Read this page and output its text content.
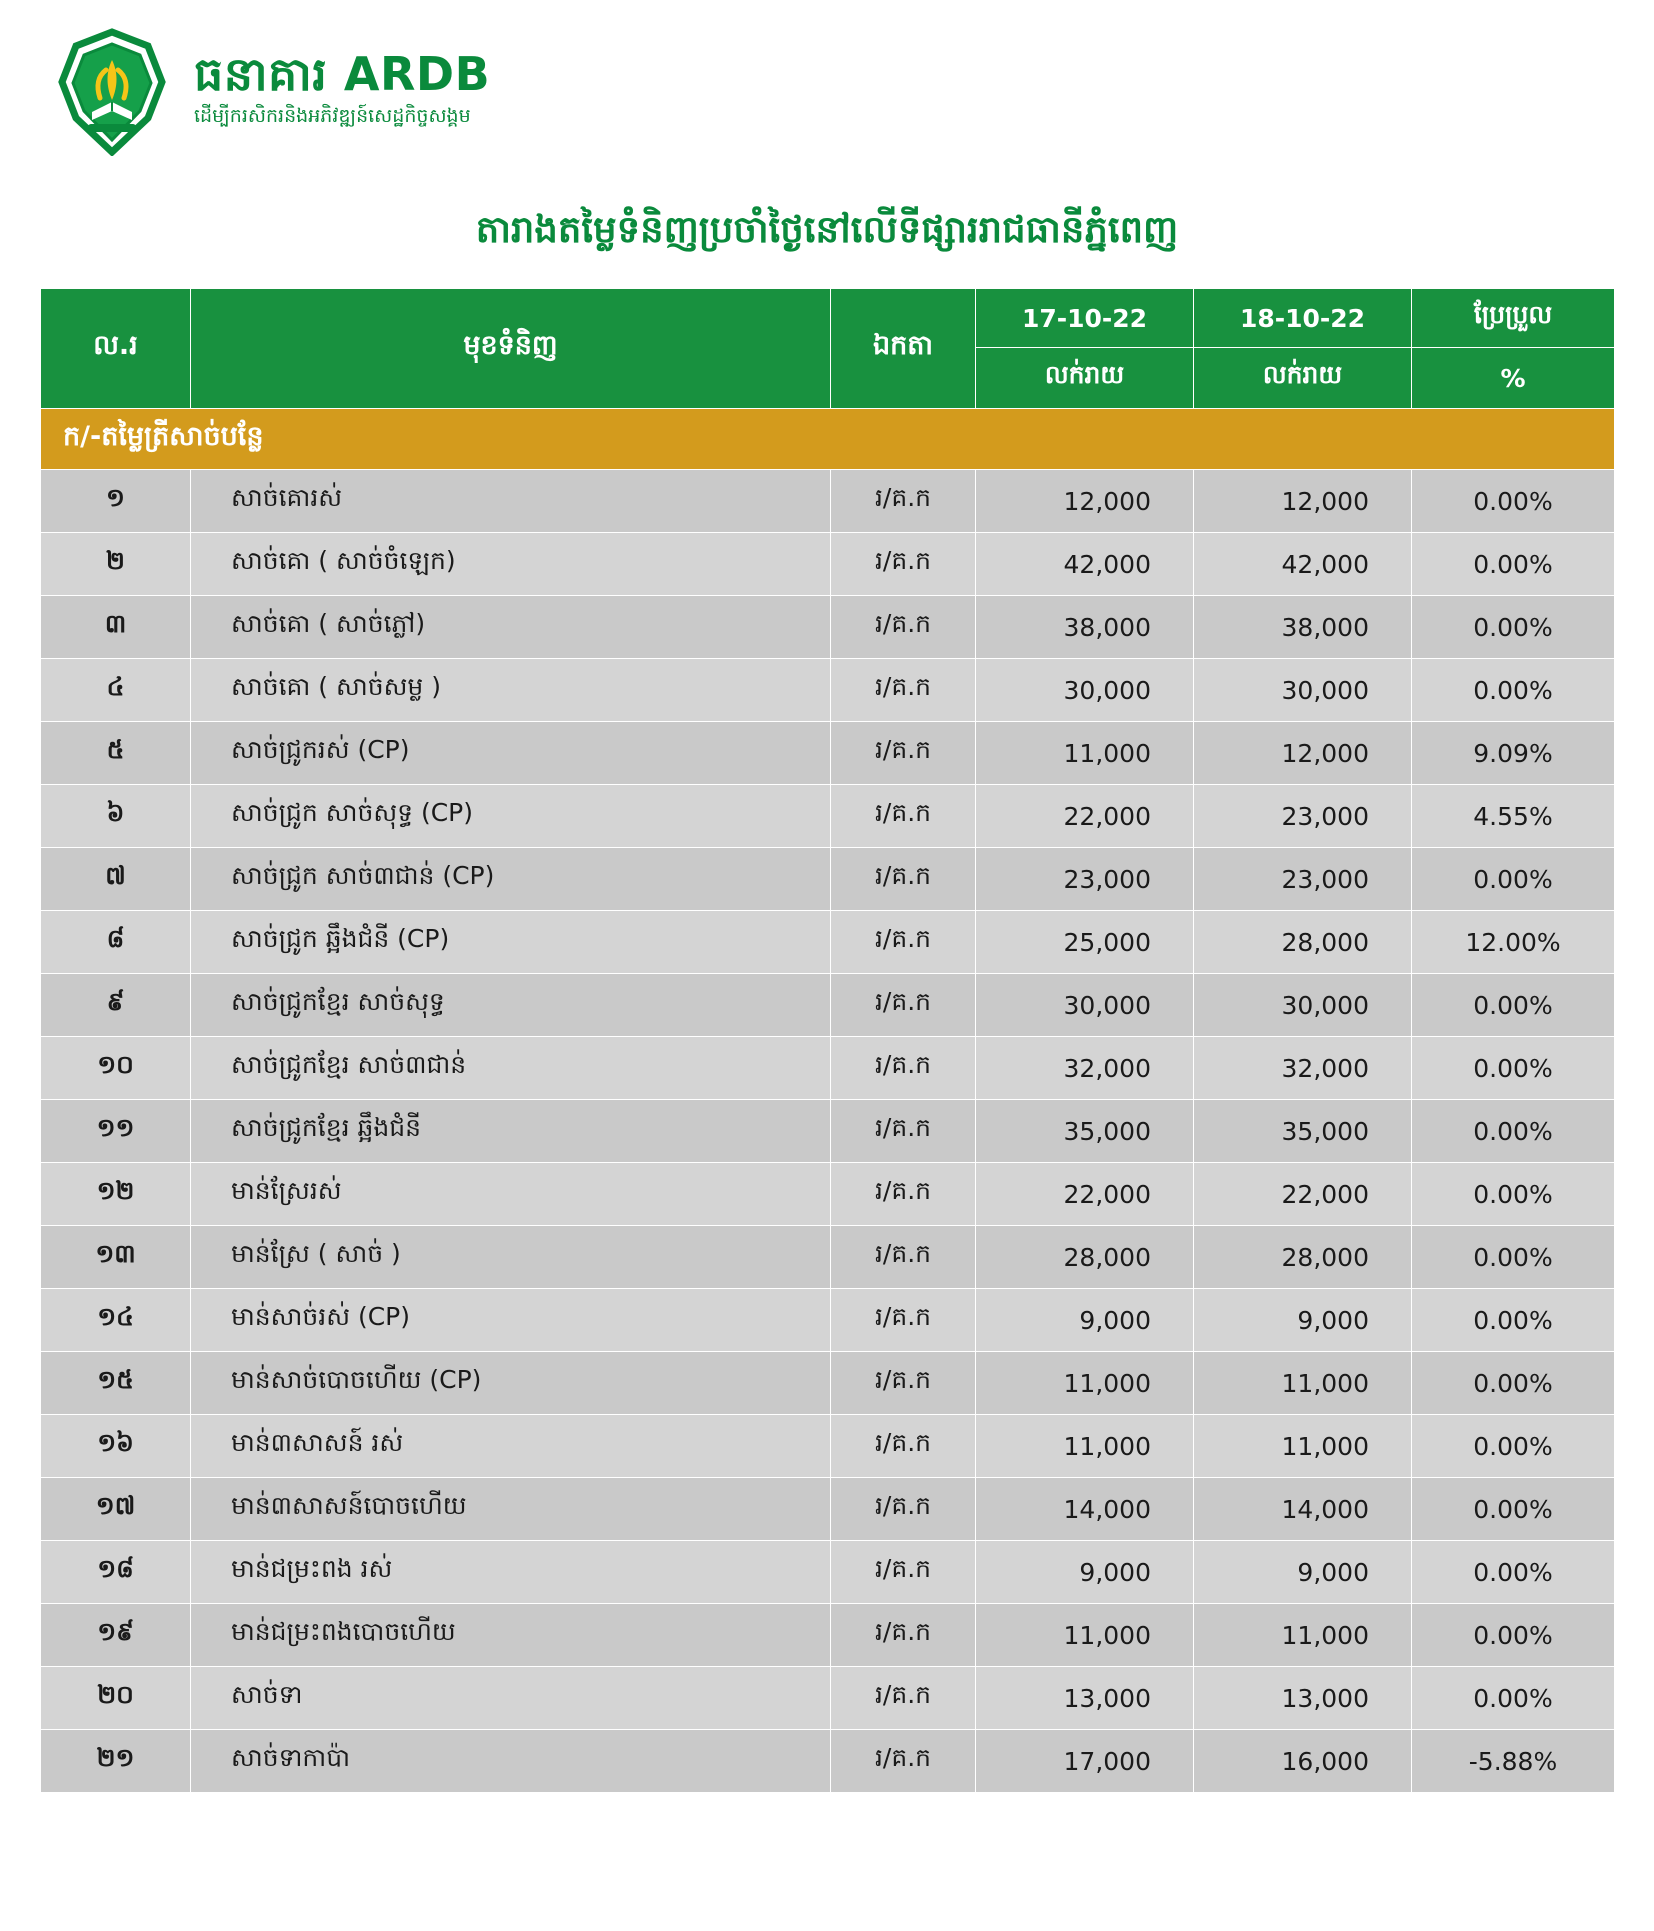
ធនាគារ ARDB
ដើម្បីករសិករនិងអភិវឌ្ឍន៍សេដ្ឋកិច្ចសង្គម
តារាងតម្លៃទំនិញប្រចាំថ្ងៃនៅលើទីផ្សាររាជធានីភ្នំពេញ
ល.រ	មុខទំនិញ	ឯកតា	17-10-22	18-10-22	ប្រែប្រួល
			លក់រាយ	លក់រាយ	%
ក/-តម្លៃត្រីសាច់បន្លែ					
១	សាច់គោរស់	រ/គ.ក	12,000	12,000	0.00%
២	សាច់គោ ( សាច់ចំឡេក)	រ/គ.ក	42,000	42,000	0.00%
៣	សាច់គោ ( សាច់ភ្លៅ)	រ/គ.ក	38,000	38,000	0.00%
៤	សាច់គោ ( សាច់សម្ល )	រ/គ.ក	30,000	30,000	0.00%
៥	សាច់ជ្រូករស់ (CP)	រ/គ.ក	11,000	12,000	9.09%
៦	សាច់ជ្រូក សាច់សុទ្ធ (CP)	រ/គ.ក	22,000	23,000	4.55%
៧	សាច់ជ្រូក សាច់៣ជាន់ (CP)	រ/គ.ក	23,000	23,000	0.00%
៨	សាច់ជ្រូក ឆ្អឹងជំនី (CP)	រ/គ.ក	25,000	28,000	12.00%
៩	សាច់ជ្រូកខ្មែរ សាច់សុទ្ធ	រ/គ.ក	30,000	30,000	0.00%
១០	សាច់ជ្រូកខ្មែរ សាច់៣ជាន់	រ/គ.ក	32,000	32,000	0.00%
១១	សាច់ជ្រូកខ្មែរ ឆ្អឹងជំនី	រ/គ.ក	35,000	35,000	0.00%
១២	មាន់ស្រែរស់	រ/គ.ក	22,000	22,000	0.00%
១៣	មាន់ស្រែ ( សាច់ )	រ/គ.ក	28,000	28,000	0.00%
១៤	មាន់សាច់រស់ (CP)	រ/គ.ក	9,000	9,000	0.00%
១៥	មាន់សាច់បោចហើយ (CP)	រ/គ.ក	11,000	11,000	0.00%
១៦	មាន់៣សាសន៍ រស់	រ/គ.ក	11,000	11,000	0.00%
១៧	មាន់៣សាសន៍បោចហើយ	រ/គ.ក	14,000	14,000	0.00%
១៨	មាន់ជម្រះពង រស់	រ/គ.ក	9,000	9,000	0.00%
១៩	មាន់ជម្រះពងបោចហើយ	រ/គ.ក	11,000	11,000	0.00%
២០	សាច់ទា	រ/គ.ក	13,000	13,000	0.00%
២១	សាច់ទាកាប៉ា	រ/គ.ក	17,000	16,000	-5.88%
